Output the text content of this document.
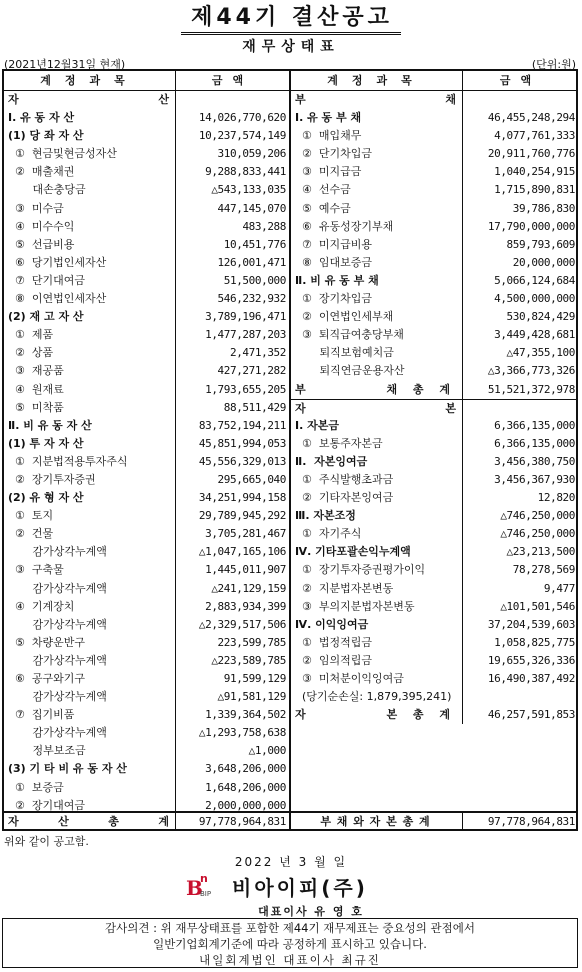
제44기 결산공고
재무상태표
(2021년12월31일 현재)	(단위:원)
계정과목	금액
자	산
Ⅰ. 유 동 자 산	14,026,770,620
(1) 당 좌 자 산	10,237,574,149
①  현금및현금성자산	310,059,206
②  매출채권	9,288,833,441
대손충당금	△543,133,035
③  미수금	447,145,070
④  미수수익	483,288
⑤  선급비용	10,451,776
⑥  당기법인세자산	126,001,471
⑦  단기대여금	51,500,000
⑧  이연법인세자산	546,232,932
(2) 재 고 자 산	3,789,196,471
①  제품	1,477,287,203
②  상품	2,471,352
③  재공품	427,271,282
④  원재료	1,793,655,205
⑤  미착품	88,511,429
Ⅱ. 비 유 동 자 산	83,752,194,211
(1) 투 자 자 산	45,851,994,053
①  지분법적용투자주식	45,556,329,013
②  장기투자증권	295,665,040
(2) 유 형 자 산	34,251,994,158
①  토지	29,789,945,292
②  건물	3,705,281,467
감가상각누계액	△1,047,165,106
③  구축물	1,445,011,907
감가상각누계액	△241,129,159
④  기계장치	2,883,934,399
감가상각누계액	△2,329,517,506
⑤  차량운반구	223,599,785
감가상각누계액	△223,589,785
⑥  공구와기구	91,599,129
감가상각누계액	△91,581,129
⑦  집기비품	1,339,364,502
감가상각누계액	△1,293,758,638
정부보조금	△1,000
(3) 기 타 비 유 동 자 산	3,648,206,000
①  보증금	1,648,206,000
②  장기대여금	2,000,000,000
자	산	총	계	97,778,964,831
계정과목	금액
부	채
Ⅰ. 유 동 부 채	46,455,248,294
①  매입채무	4,077,761,333
②  단기차입금	20,911,760,776
③  미지급금	1,040,254,915
④  선수금	1,715,890,831
⑤  예수금	39,786,830
⑥  유동성장기부채	17,790,000,000
⑦  미지급비용	859,793,609
⑧  임대보증금	20,000,000
Ⅱ. 비 유 동 부 채	5,066,124,684
①  장기차입금	4,500,000,000
②  이연법인세부채	530,824,429
③  퇴직급여충당부채	3,449,428,681
퇴직보험예치금	△47,355,100
퇴직연금운용자산	△3,366,773,326
부	채 총 계	51,521,372,978
자	본
Ⅰ. 자본금	6,366,135,000
①  보통주자본금	6,366,135,000
Ⅱ.  자본잉여금	3,456,380,750
①  주식발행초과금	3,456,367,930
②  기타자본잉여금	12,820
Ⅲ. 자본조정	△746,250,000
①  자기주식	△746,250,000
Ⅳ. 기타포괄손익누계액	△23,213,500
①  장기투자증권평가이익	78,278,569
②  지분법자본변동	9,477
③  부의지분법자본변동	△101,501,546
Ⅳ. 이익잉여금	37,204,539,603
①  법정적립금	1,058,825,775
②  임의적립금	19,655,326,336
③  미처분이익잉여금	16,490,387,492
(당기순손실: 1,879,395,241)
자	본 총 계	46,257,591,853
부 채 와 자 본 총 계	97,778,964,831
위와 같이 공고함.
2022 년 3 월 일
B
n
BIP 비아이피(주)
대표이사 유 영 호
감사의견 : 위 재무상태표를 포함한 제44기 재무제표는 중요성의 관점에서
일반기업회계기준에 따라 공정하게 표시하고 있습니다.
내일회계법인 대표이사 최규진
